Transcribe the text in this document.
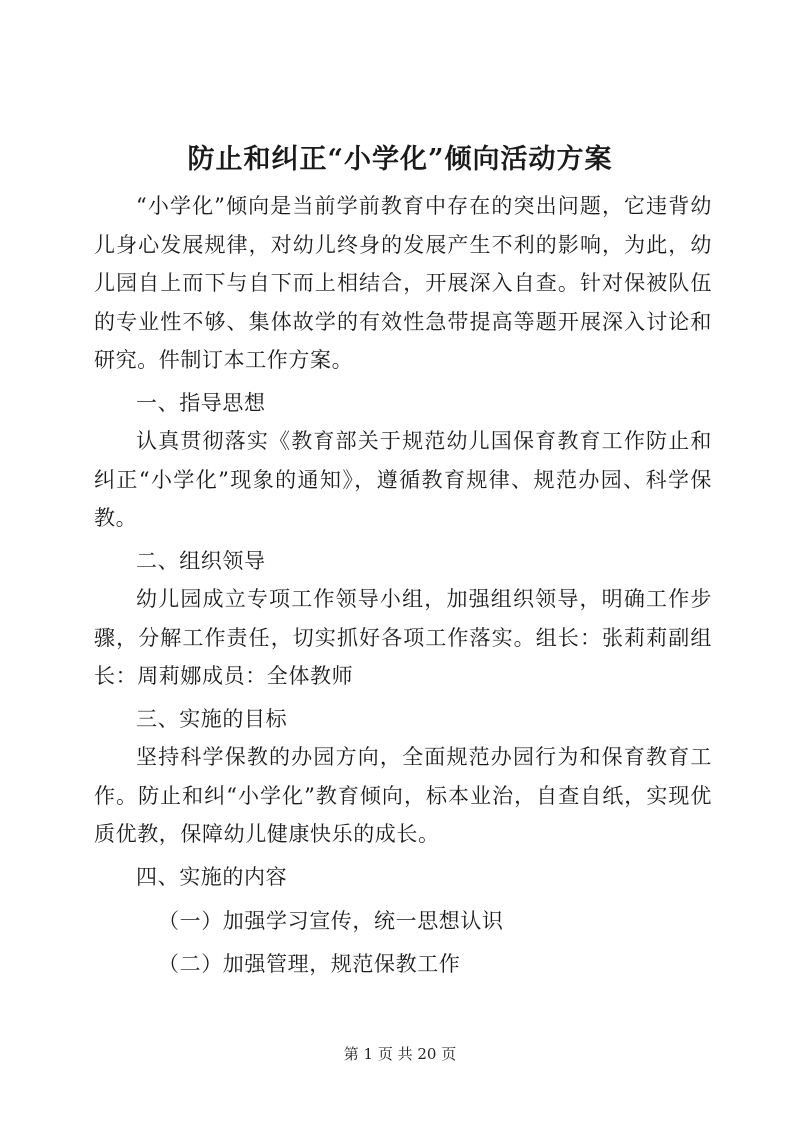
防止和纠正“小学化”倾向活动方案

“小学化”倾向是当前学前教育中存在的突出问题，它违背幼儿身心发展规律，对幼儿终身的发展产生不利的影响，为此，幼儿园自上而下与自下而上相结合，开展深入自查。针对保被队伍的专业性不够、集体故学的有效性急带提高等题开展深入讨论和研究。件制订本工作方案。

一、指导思想

认真贯彻落实《教育部关于规范幼儿国保育教育工作防止和纠正“小学化”现象的通知》，遵循教育规律、规范办园、科学保教。

二、组织领导

幼儿园成立专项工作领导小组，加强组织领导，明确工作步骤，分解工作责任，切实抓好各项工作落实。组长：张莉莉副组长：周莉娜成员：全体教师

三、实施的目标

坚持科学保教的办园方向，全面规范办园行为和保育教育工作。防止和纠“小学化”教育倾向，标本业治，自查自纸，实现优质优教，保障幼儿健康快乐的成长。

四、实施的内容

（一）加强学习宣传，统一思想认识

（二）加强管理，规范保教工作

第 1 页 共 20 页
